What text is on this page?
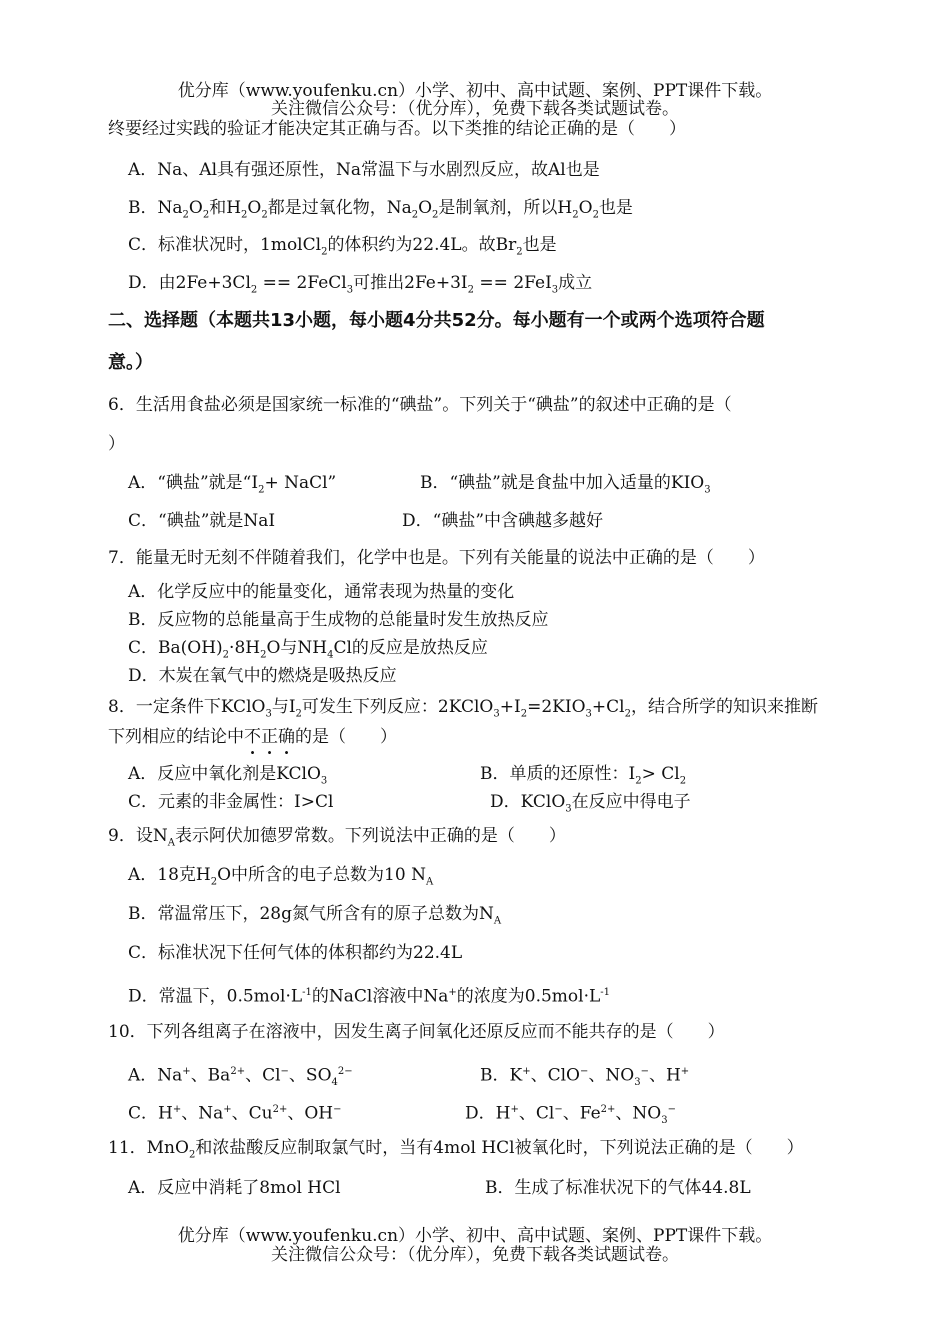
优分库（www.youfenku.cn）小学、初中、高中试题、案例、PPT课件下载。
关注微信公众号：（优分库），免费下载各类试题试卷。
终要经过实践的验证才能决定其正确与否。以下类推的结论正确的是（　　）
A．Na、Al具有强还原性，Na常温下与水剧烈反应，故Al也是
B．$Na_2O_2$和$H_2O_2$都是过氧化物，$Na_2O_2$是制氧剂，所以$H_2O_2$也是
C．标准状况时，1molCl$_2$的体积约为22.4L。故$Br_2$也是
D．由$2Fe+3Cl_2$ == 2FeCl$_3$可推出$2Fe+3I_2 == 2FeI_3$成立
二、选择题（本题共13小题，每小题4分共52分。每小题有一个或两个选项符合题
意。）
6．生活用食盐必须是国家统一标准的“碘盐”。下列关于“碘盐”的叙述中正确的是（
）
A．“碘盐”就是“$I_2+$ NaCl”	B．“碘盐”就是食盐中加入适量的$KIO_3$
C．“碘盐”就是NaI	D．“碘盐”中含碘越多越好
7．能量无时无刻不伴随着我们，化学中也是。下列有关能量的说法中正确的是（　　）
A．化学反应中的能量变化，通常表现为热量的变化
B．反应物的总能量高于生成物的总能量时发生放热反应
C．$Ba(OH)_2\cdot 8H_2O$与$NH_4Cl$的反应是放热反应
D．木炭在氧气中的燃烧是吸热反应
8．一定条件下KClO$_3$与$I_2$可发生下列反应：$2KClO_3+I_2=2KIO_3+Cl_2$，结合所学的知识来推断
下列相应的结论中不正确的是（　　）
A．反应中氧化剂是KClO$_3$	B．单质的还原性：$I_2> Cl_2$
C．元素的非金属性：I>Cl	D．KClO$_3$在反应中得电子
9．设$N_A$表示阿伏加德罗常数。下列说法中正确的是（　　）
A．18克$H_2O$中所含的电子总数为10 $N_A$
B．常温常压下，28g氮气所含有的原子总数为$N_A$
C．标准状况下任何气体的体积都约为22.4L
D．常温下，$0.5mol\cdot L^{-1}$的NaCl溶液中Na+的浓度为$0.5mol\cdot L^{-1}$
10．下列各组离子在溶液中，因发生离子间氧化还原反应而不能共存的是（　　）
A．Na+、$Ba^{2+}$、Cl−、$SO_4^{2-}$	B．K+、ClO−、$NO_3^-$、H+
C．H+、Na+、$Cu^{2+}$、OH−	D．H+、Cl−、$Fe^{2+}$、$NO_3^-$
11．MnO$_2$和浓盐酸反应制取氯气时，当有4mol HCl被氧化时，下列说法正确的是（　　）
A．反应中消耗了8mol HCl	B．生成了标准状况下的气体44.8L
优分库（www.youfenku.cn）小学、初中、高中试题、案例、PPT课件下载。
关注微信公众号：（优分库），免费下载各类试题试卷。
